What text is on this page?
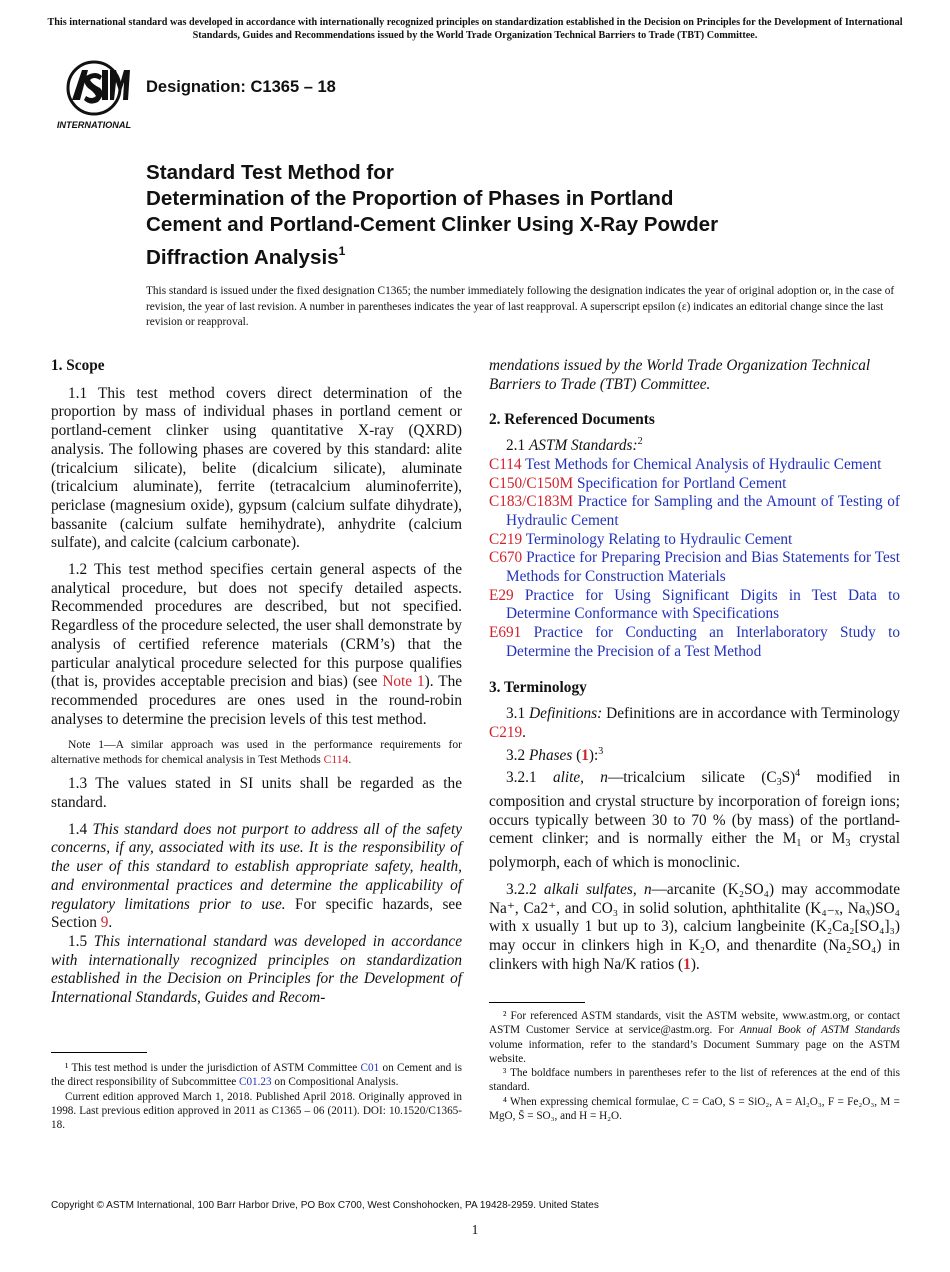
This international standard was developed in accordance with internationally recognized principles on standardization established in the Decision on Principles for the Development of International Standards, Guides and Recommendations issued by the World Trade Organization Technical Barriers to Trade (TBT) Committee.
INTERNATIONAL
Designation: C1365 – 18
Standard Test Method for
Determination of the Proportion of Phases in Portland
Cement and Portland-Cement Clinker Using X-Ray Powder
Diffraction Analysis$^1$
This standard is issued under the fixed designation C1365; the number immediately following the designation indicates the year of original adoption or, in the case of revision, the year of last revision. A number in parentheses indicates the year of last reapproval. A superscript epsilon (ε) indicates an editorial change since the last revision or reapproval.

1. Scope

1.1 This test method covers direct determination of the proportion by mass of individual phases in portland cement or portland-cement clinker using quantitative X-ray (QXRD) analysis. The following phases are covered by this standard: alite (tricalcium silicate), belite (dicalcium silicate), aluminate (tricalcium aluminate), ferrite (tetracalcium aluminoferrite), periclase (magnesium oxide), gypsum (calcium sulfate dihydrate), bassanite (calcium sulfate hemihydrate), anhydrite (calcium sulfate), and calcite (calcium carbonate).

1.2 This test method specifies certain general aspects of the analytical procedure, but does not specify detailed aspects. Recommended procedures are described, but not specified. Regardless of the procedure selected, the user shall demonstrate by analysis of certified reference materials (CRM’s) that the particular analytical procedure selected for this purpose qualifies (that is, provides acceptable precision and bias) (see Note 1). The recommended procedures are ones used in the round-robin analyses to determine the precision levels of this test method.

Note 1—A similar approach was used in the performance requirements for alternative methods for chemical analysis in Test Methods C114.

1.3 The values stated in SI units shall be regarded as the standard.

1.4 This standard does not purport to address all of the safety concerns, if any, associated with its use. It is the responsibility of the user of this standard to establish appropriate safety, health, and environmental practices and determine the applicability of regulatory limitations prior to use. For specific hazards, see Section 9.

1.5 This international standard was developed in accordance with internationally recognized principles on standardization established in the Decision on Principles for the Development of International Standards, Guides and Recom-

¹ This test method is under the jurisdiction of ASTM Committee C01 on Cement and is the direct responsibility of Subcommittee C01.23 on Compositional Analysis.

Current edition approved March 1, 2018. Published April 2018. Originally approved in 1998. Last previous edition approved in 2011 as C1365 – 06 (2011). DOI: 10.1520/C1365-18.

mendations issued by the World Trade Organization Technical Barriers to Trade (TBT) Committee.

2. Referenced Documents

2.1 ASTM Standards:$^2$

C114 Test Methods for Chemical Analysis of Hydraulic Cement

C150/C150M Specification for Portland Cement

C183/C183M Practice for Sampling and the Amount of Testing of Hydraulic Cement

C219 Terminology Relating to Hydraulic Cement

C670 Practice for Preparing Precision and Bias Statements for Test Methods for Construction Materials

E29 Practice for Using Significant Digits in Test Data to Determine Conformance with Specifications

E691 Practice for Conducting an Interlaboratory Study to Determine the Precision of a Test Method

3. Terminology

3.1 Definitions: Definitions are in accordance with Terminology C219.

3.2 Phases (1):$^3$

3.2.1 alite, n—tricalcium silicate $(C_3S)^4$ modified in composition and crystal structure by incorporation of foreign ions; occurs typically between 30 to 70 % (by mass) of the portland-cement clinker; and is normally either the $M_1$ or $M_3$ crystal polymorph, each of which is monoclinic.

3.2.2 alkali sulfates, n—arcanite (K₂SO₄) may accommodate Na⁺, Ca2⁺, and CO₃ in solid solution, aphthitalite (K₄₋ₓ, Naₓ)SO₄ with x usually 1 but up to 3), calcium langbeinite (K₂Ca₂[SO₄]₃) may occur in clinkers high in K₂O, and thenardite (Na₂SO₄) in clinkers with high Na/K ratios (1).

² For referenced ASTM standards, visit the ASTM website, www.astm.org, or contact ASTM Customer Service at service@astm.org. For Annual Book of ASTM Standards volume information, refer to the standard’s Document Summary page on the ASTM website.

³ The boldface numbers in parentheses refer to the list of references at the end of this standard.

⁴ When expressing chemical formulae, C = CaO, S = SiO₂, A = Al₂O₃, F = Fe₂O₃, M = MgO, S̄ = SO₃, and H = H₂O.

Copyright © ASTM International, 100 Barr Harbor Drive, PO Box C700, West Conshohocken, PA 19428-2959. United States
1
